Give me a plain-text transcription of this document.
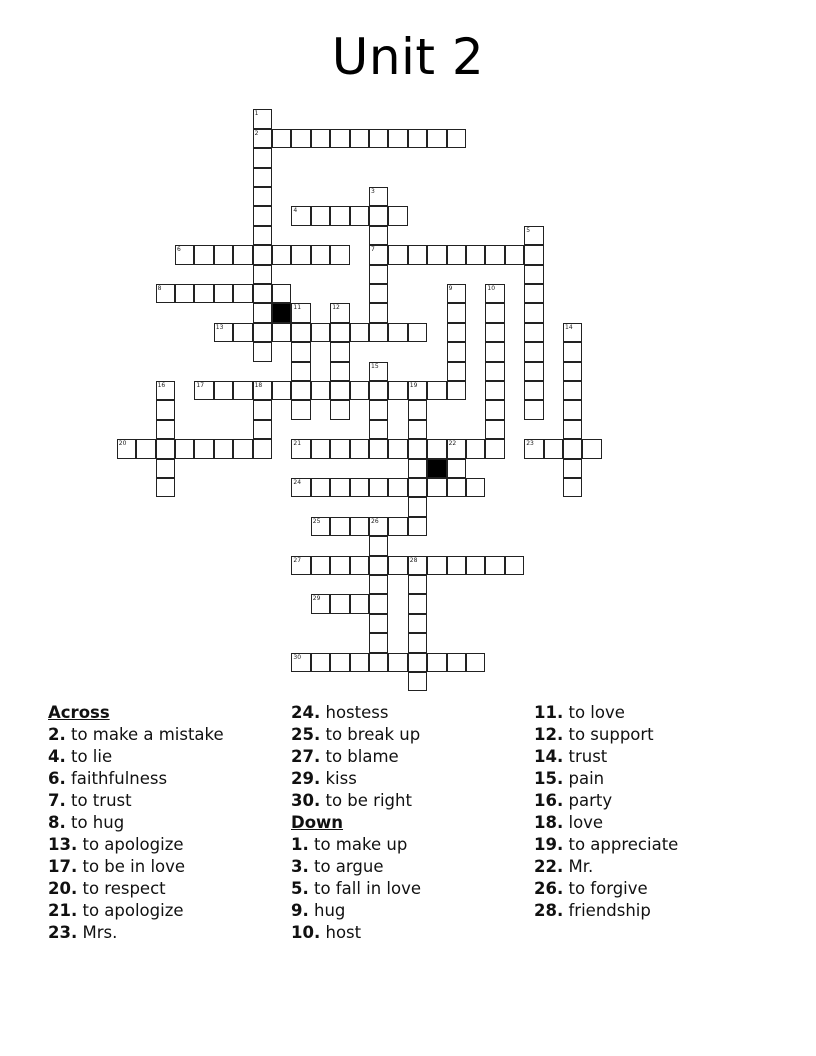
Unit 2
2
4
6	7
8
13
17	18	19
20	21	22	23
24
25	26
27	28
29
30
1
3
5
9	10
11	12
14
15
16
Across
2. to make a mistake
4. to lie
6. faithfulness
7. to trust
8. to hug
13. to apologize
17. to be in love
20. to respect
21. to apologize
23. Mrs.
24. hostess
25. to break up
27. to blame
29. kiss
30. to be right
Down
1. to make up
3. to argue
5. to fall in love
9. hug
10. host
11. to love
12. to support
14. trust
15. pain
16. party
18. love
19. to appreciate
22. Mr.
26. to forgive
28. friendship
